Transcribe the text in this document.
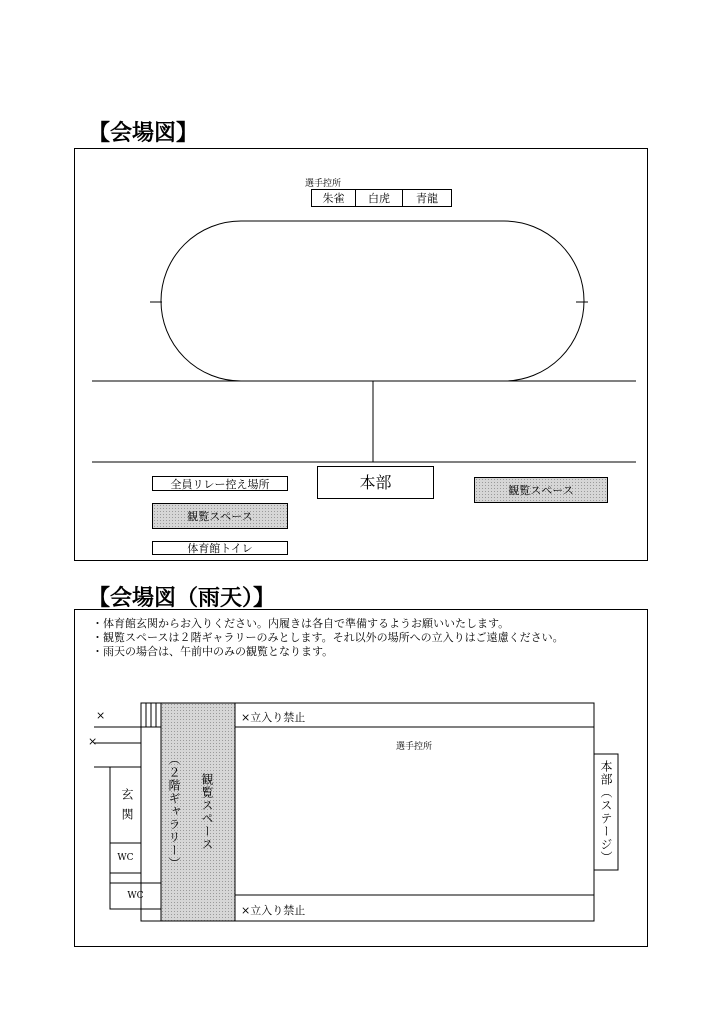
【会場図】
選手控所
朱雀	白虎	青龍
全員リレー控え場所
観覧スペース
体育館トイレ
本部	観覧スペース
【会場図（雨天）】
・体育館玄関からお入りください。内履きは各自で準備するようお願いいたします。
・観覧スペースは２階ギャラリーのみとします。それ以外の場所への立入りはご遠慮ください。
・雨天の場合は、午前中のみの観覧となります。
×
×
×立入り禁止
×立入り禁止
選手控所
観覧スペース
（２階ギャラリー）	本部（ステージ）
玄関
WC
WC
